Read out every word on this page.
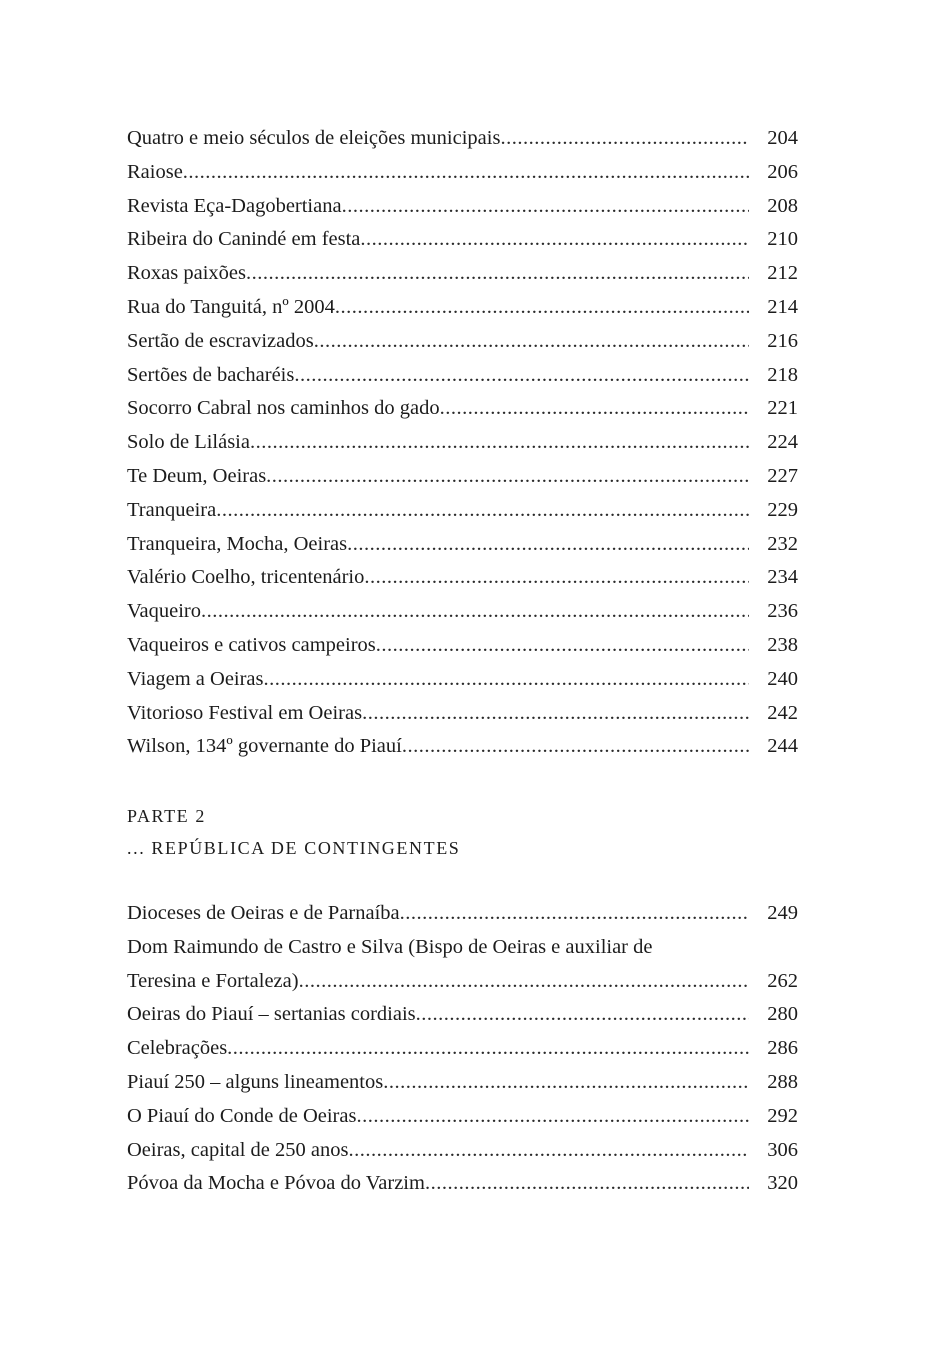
Quatro e meio séculos de eleições municipais .....	204
Raiose .....	206
Revista Eça-Dagobertiana .....	208
Ribeira do Canindé em festa .....	210
Roxas paixões .....	212
Rua do Tanguitá, nº 2004 .....	214
Sertão de escravizados .....	216
Sertões de bacharéis .....	218
Socorro Cabral nos caminhos do gado .....	221
Solo de Lilásia .....	224
Te Deum, Oeiras .....	227
Tranqueira .....	229
Tranqueira, Mocha, Oeiras .....	232
Valério Coelho, tricentenário .....	234
Vaqueiro .....	236
Vaqueiros e cativos campeiros .....	238
Viagem a Oeiras .....	240
Vitorioso Festival em Oeiras .....	242
Wilson, 134º governante do Piauí .....	244
PARTE 2
... REPÚBLICA DE CONTINGENTES
Dioceses de Oeiras e de Parnaíba .....	249
Dom Raimundo de Castro e Silva (Bispo de Oeiras e auxiliar de
Teresina e Fortaleza) .....	262
Oeiras do Piauí – sertanias cordiais .....	280
Celebrações .....	286
Piauí 250 – alguns lineamentos .....	288
O Piauí do Conde de Oeiras .....	292
Oeiras, capital de 250 anos .....	306
Póvoa da Mocha e Póvoa do Varzim .....	320
